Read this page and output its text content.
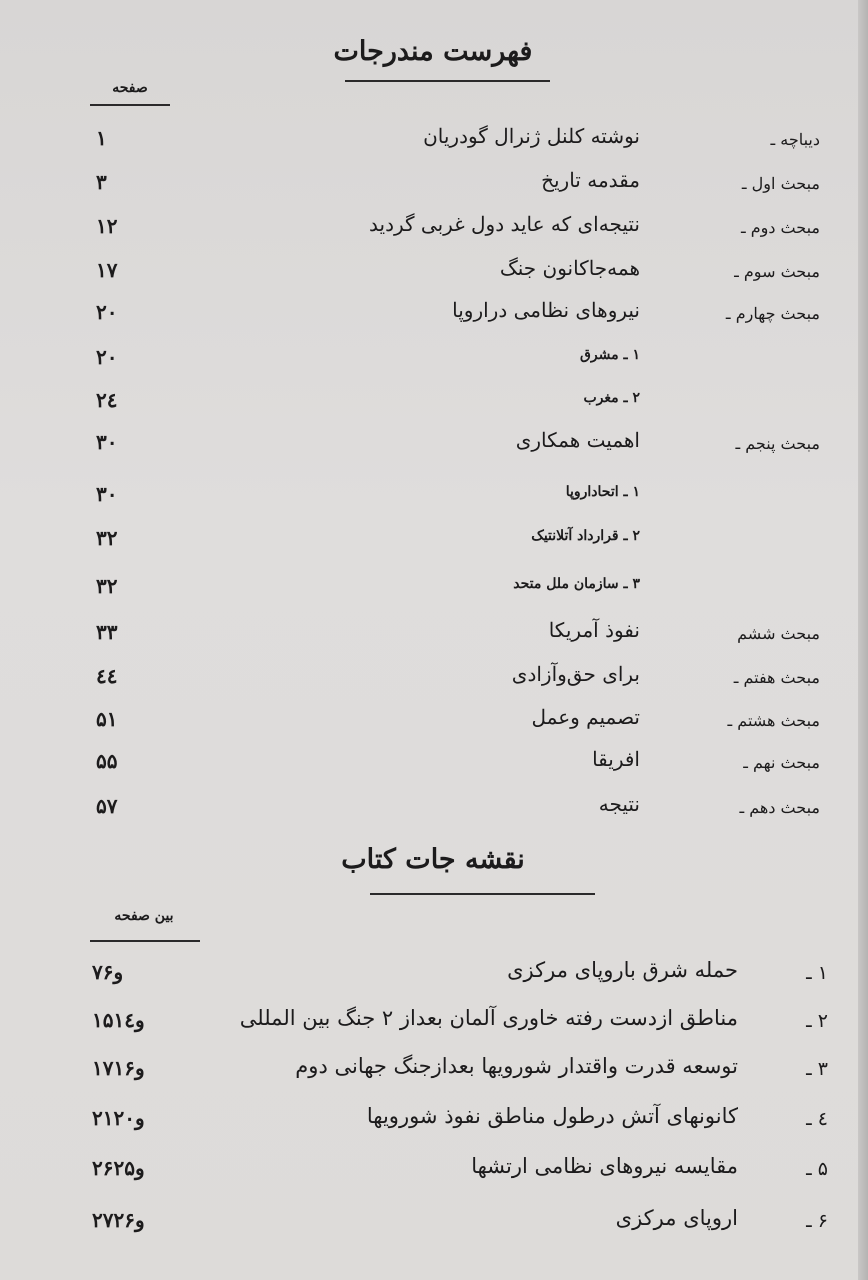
فهرست مندرجات
صفحه
دیباچه ـ
نوشته کلنل ژنرال گودریان
۱
مبحث اول ـ
مقدمه تاریخ
۳
مبحث دوم ـ
نتیجه‌ای که عاید دول غربی گردید
۱۲
مبحث سوم ـ
همه‌جاکانون جنگ
۱۷
مبحث چهارم ـ
نیروهای نظامی دراروپا
۲۰
۱ ـ مشرق
۲۰
۲ ـ مغرب
۲٤
مبحث پنجم ـ
اهمیت همکاری
۳۰
۱ ـ اتحاداروپا
۳۰
۲ ـ قرارداد آتلانتیک
۳۲
۳ ـ سازمان ملل متحد
۳۲
مبحث ششم
نفوذ آمریکا
۳۳
مبحث هفتم ـ
برای حق‌وآزادی
٤٤
مبحث هشتم ـ
تصمیم وعمل
۵۱
مبحث نهم ـ
افریقا
۵۵
مبحث دهم ـ
نتیجه
۵۷
نقشه جات کتاب
بین صفحه
۱ ـ
حمله شرق باروپای مرکزی
۷و۶
۲ ـ
مناطق ازدست رفته خاوری آلمان بعداز ۲ جنگ بین المللی
۱۵و۱٤
۳ ـ
توسعه قدرت واقتدار شورویها بعدازجنگ جهانی دوم
۱۷و۱۶
٤ ـ
کانونهای آتش درطول مناطق نفوذ شورویها
۲۱و۲۰
۵ ـ
مقایسه نیروهای نظامی ارتشها
۲۶و۲۵
۶ ـ
اروپای مرکزی
۲۷و۲۶
